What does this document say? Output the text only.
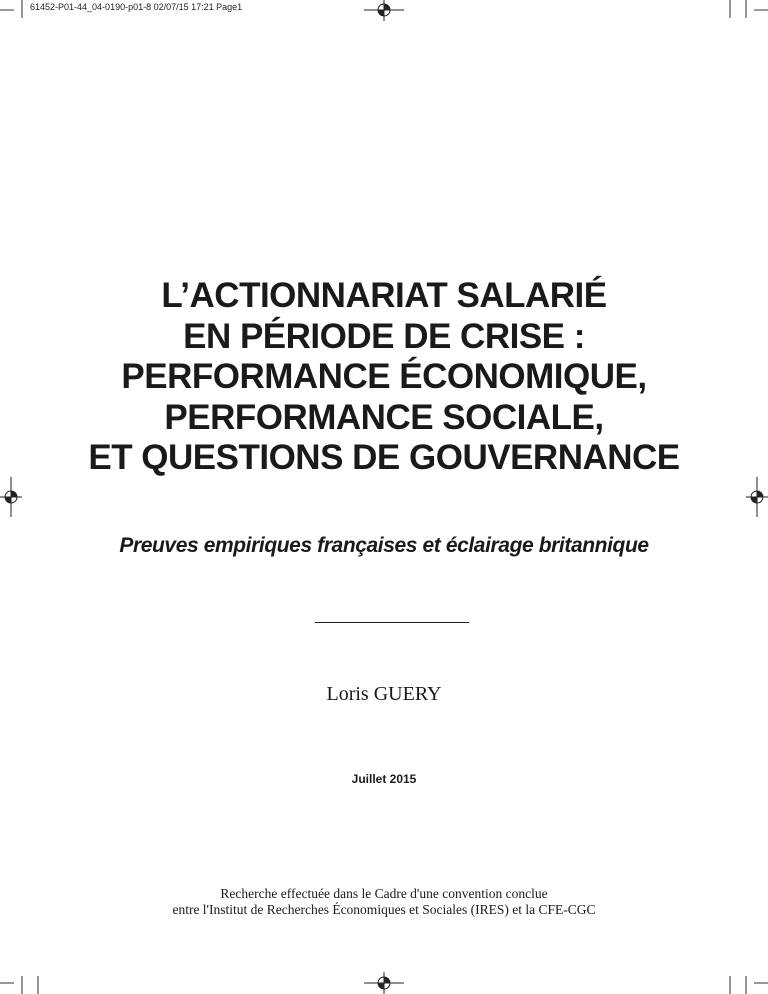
61452-P01-44_04-0190-p01-8 02/07/15 17:21 Page1
L’ACTIONNARIAT SALARIÉ
EN PÉRIODE DE CRISE :
PERFORMANCE ÉCONOMIQUE,
PERFORMANCE SOCIALE,
ET QUESTIONS DE GOUVERNANCE
Preuves empiriques françaises et éclairage britannique
Loris GUERY
Juillet 2015
Recherche effectuée dans le Cadre d'une convention conclue
entre l'Institut de Recherches Économiques et Sociales (IRES) et la CFE-CGC
